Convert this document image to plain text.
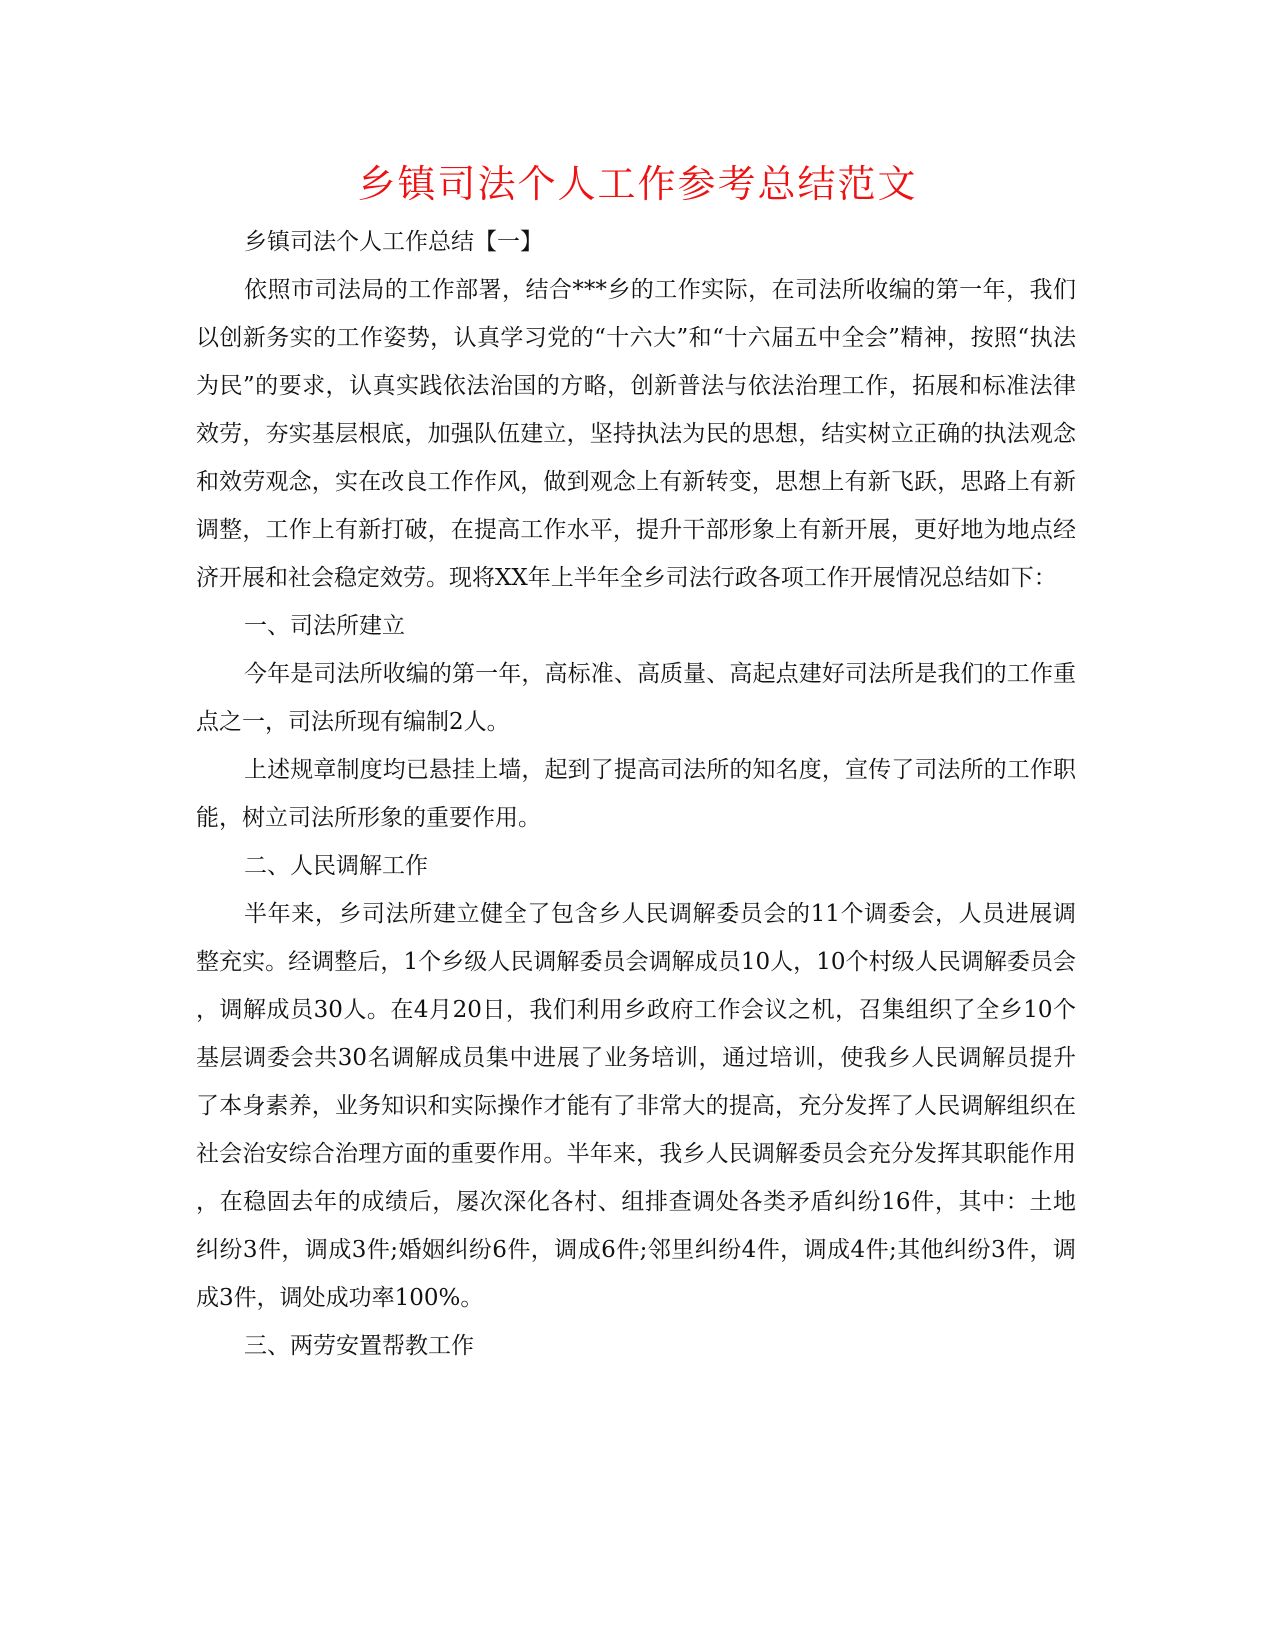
乡镇司法个人工作参考总结范文

乡镇司法个人工作总结【一】

依照市司法局的工作部署，结合***乡的工作实际，在司法所收编的第一年，我们以创新务实的工作姿势，认真学习党的“十六大”和“十六届五中全会”精神，按照“执法为民”的要求，认真实践依法治国的方略，创新普法与依法治理工作，拓展和标准法律效劳，夯实基层根底，加强队伍建立，坚持执法为民的思想，结实树立正确的执法观念和效劳观念，实在改良工作作风，做到观念上有新转变，思想上有新飞跃，思路上有新调整，工作上有新打破，在提高工作水平，提升干部形象上有新开展，更好地为地点经济开展和社会稳定效劳。现将XX年上半年全乡司法行政各项工作开展情况总结如下：

一、司法所建立

今年是司法所收编的第一年，高标准、高质量、高起点建好司法所是我们的工作重点之一，司法所现有编制2人。

上述规章制度均已悬挂上墙，起到了提高司法所的知名度，宣传了司法所的工作职能，树立司法所形象的重要作用。

二、人民调解工作

半年来，乡司法所建立健全了包含乡人民调解委员会的11个调委会，人员进展调整充实。经调整后，1个乡级人民调解委员会调解成员10人，10个村级人民调解委员会，调解成员30人。在4月20日，我们利用乡政府工作会议之机，召集组织了全乡10个基层调委会共30名调解成员集中进展了业务培训，通过培训，使我乡人民调解员提升了本身素养，业务知识和实际操作才能有了非常大的提高，充分发挥了人民调解组织在社会治安综合治理方面的重要作用。半年来，我乡人民调解委员会充分发挥其职能作用，在稳固去年的成绩后，屡次深化各村、组排查调处各类矛盾纠纷16件，其中：土地纠纷3件，调成3件;婚姻纠纷6件，调成6件;邻里纠纷4件，调成4件;其他纠纷3件，调成3件，调处成功率100%。

三、两劳安置帮教工作
